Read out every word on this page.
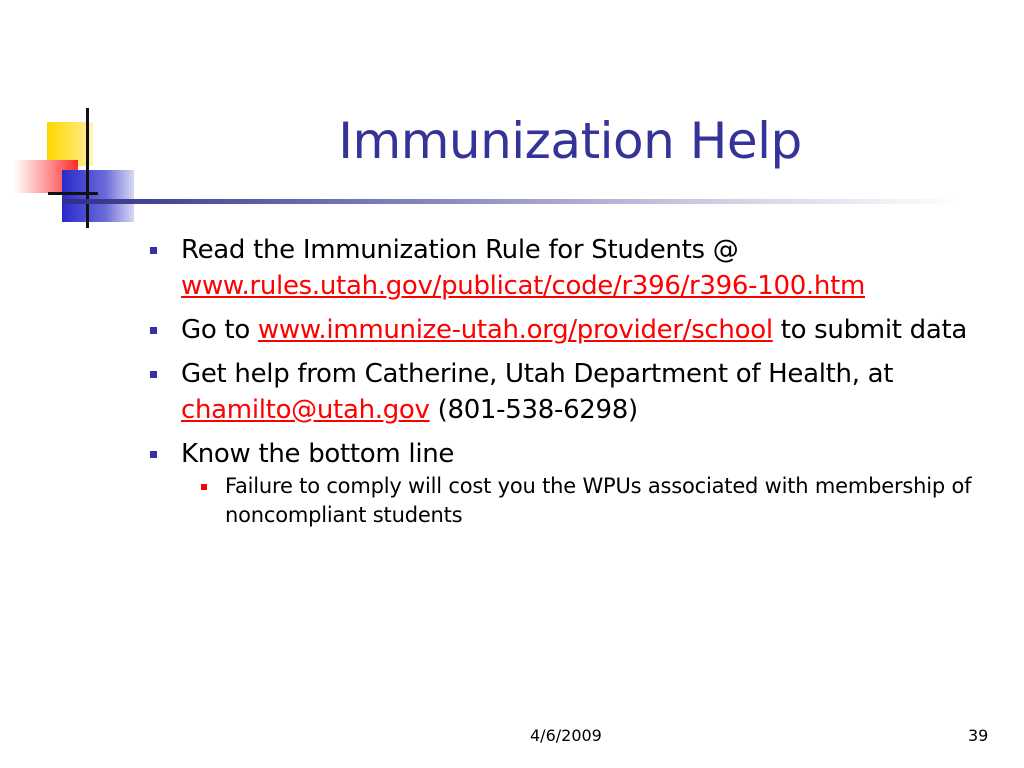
Immunization Help
Read the Immunization Rule for Students @ www.rules.utah.gov/publicat/code/r396/r396-100.htm
Go to www.immunize-utah.org/provider/school to submit data
Get help from Catherine, Utah Department of Health, at chamilto@utah.gov (801-538-6298)
Know the bottom line
Failure to comply will cost you the WPUs associated with membership of noncompliant students
4/6/2009	39
